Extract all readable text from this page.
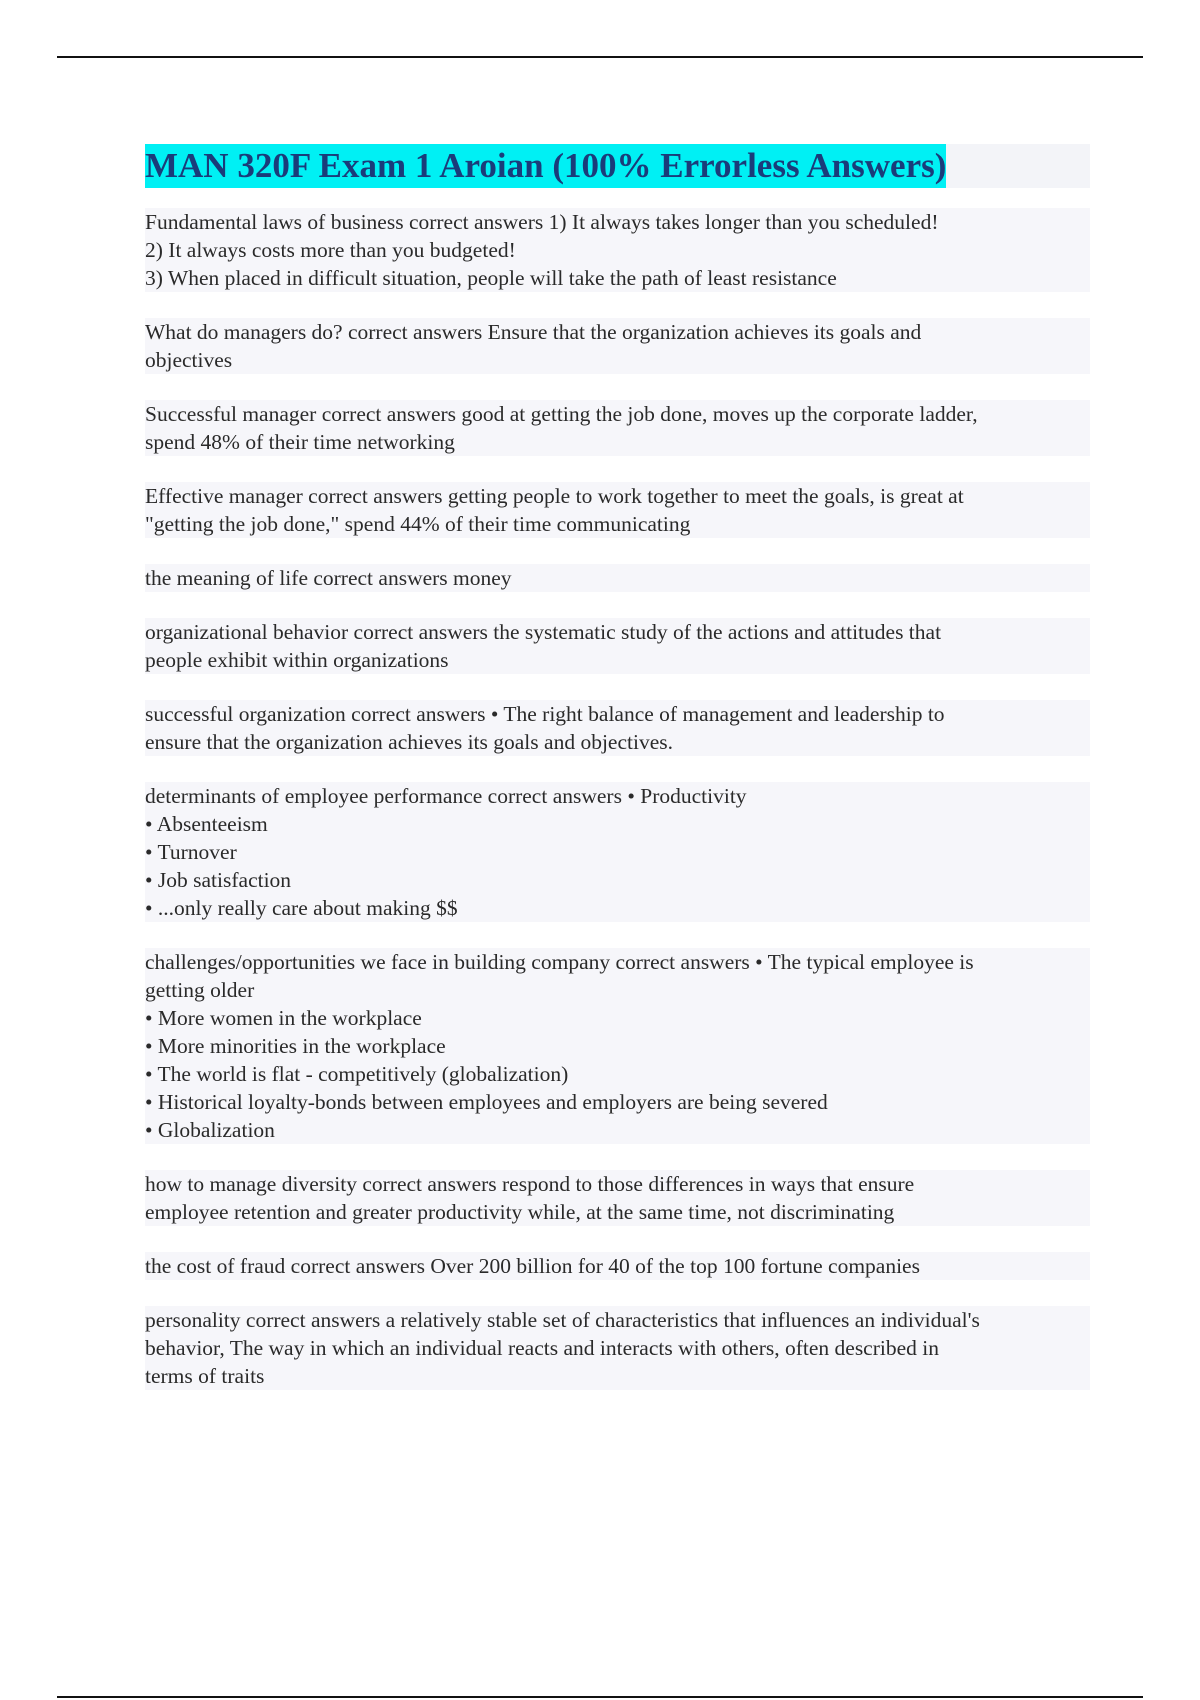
MAN 320F Exam 1 Aroian (100% Errorless Answers)
Fundamental laws of business correct answers 1) It always takes longer than you scheduled!
2) It always costs more than you budgeted!
3) When placed in difficult situation, people will take the path of least resistance
What do managers do? correct answers Ensure that the organization achieves its goals and
objectives
Successful manager correct answers good at getting the job done, moves up the corporate ladder,
spend 48% of their time networking
Effective manager correct answers getting people to work together to meet the goals, is great at
"getting the job done," spend 44% of their time communicating
the meaning of life correct answers money
organizational behavior correct answers the systematic study of the actions and attitudes that
people exhibit within organizations
successful organization correct answers • The right balance of management and leadership to
ensure that the organization achieves its goals and objectives.
determinants of employee performance correct answers • Productivity
• Absenteeism
• Turnover
• Job satisfaction
• ...only really care about making $$
challenges/opportunities we face in building company correct answers • The typical employee is
getting older
• More women in the workplace
• More minorities in the workplace
• The world is flat - competitively (globalization)
• Historical loyalty-bonds between employees and employers are being severed
• Globalization
how to manage diversity correct answers respond to those differences in ways that ensure
employee retention and greater productivity while, at the same time, not discriminating
the cost of fraud correct answers Over 200 billion for 40 of the top 100 fortune companies
personality correct answers a relatively stable set of characteristics that influences an individual's
behavior, The way in which an individual reacts and interacts with others, often described in
terms of traits
